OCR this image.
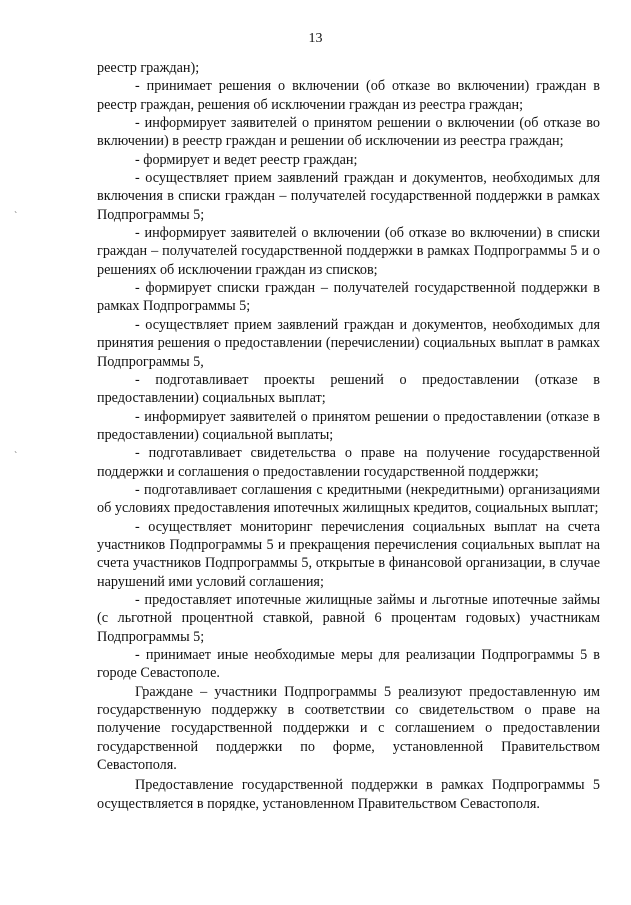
13
`
`

реестр граждан);

- принимает решения о включении (об отказе во включении) граждан в реестр граждан, решения об исключении граждан из реестра граждан;

- информирует заявителей о принятом решении о включении (об отказе во включении) в реестр граждан и решении об исключении из реестра граждан;

- формирует и ведет реестр граждан;

- осуществляет прием заявлений граждан и документов, необходимых для включения в списки граждан – получателей государственной поддержки в рамках Подпрограммы 5;

- информирует заявителей о включении (об отказе во включении) в списки граждан – получателей государственной поддержки в рамках Подпрограммы 5 и о решениях об исключении граждан из списков;

- формирует списки граждан – получателей государственной поддержки в рамках Подпрограммы 5;

- осуществляет прием заявлений граждан и документов, необходимых для принятия решения о предоставлении (перечислении) социальных выплат в рамках Подпрограммы 5,

- подготавливает проекты решений о предоставлении (отказе в предоставлении) социальных выплат;

- информирует заявителей о принятом решении о предоставлении (отказе в предоставлении) социальной выплаты;

- подготавливает свидетельства о праве на получение государственной поддержки и соглашения о предоставлении государственной поддержки;

- подготавливает соглашения с кредитными (некредитными) организациями об условиях предоставления ипотечных жилищных кредитов, социальных выплат;

- осуществляет мониторинг перечисления социальных выплат на счета участников Подпрограммы 5 и прекращения перечисления социальных выплат на счета участников Подпрограммы 5, открытые в финансовой организации, в случае нарушений ими условий соглашения;

- предоставляет ипотечные жилищные займы и льготные ипотечные займы (с льготной процентной ставкой, равной 6 процентам годовых) участникам Подпрограммы 5;

- принимает иные необходимые меры для реализации Подпрограммы 5 в городе Севастополе.

Граждане – участники Подпрограммы 5 реализуют предоставленную им государственную поддержку в соответствии со свидетельством о праве на получение государственной поддержки и с соглашением о предоставлении государственной поддержки по форме, установленной Правительством Севастополя.

Предоставление государственной поддержки в рамках Подпрограммы 5 осуществляется в порядке, установленном Правительством Севастополя.
